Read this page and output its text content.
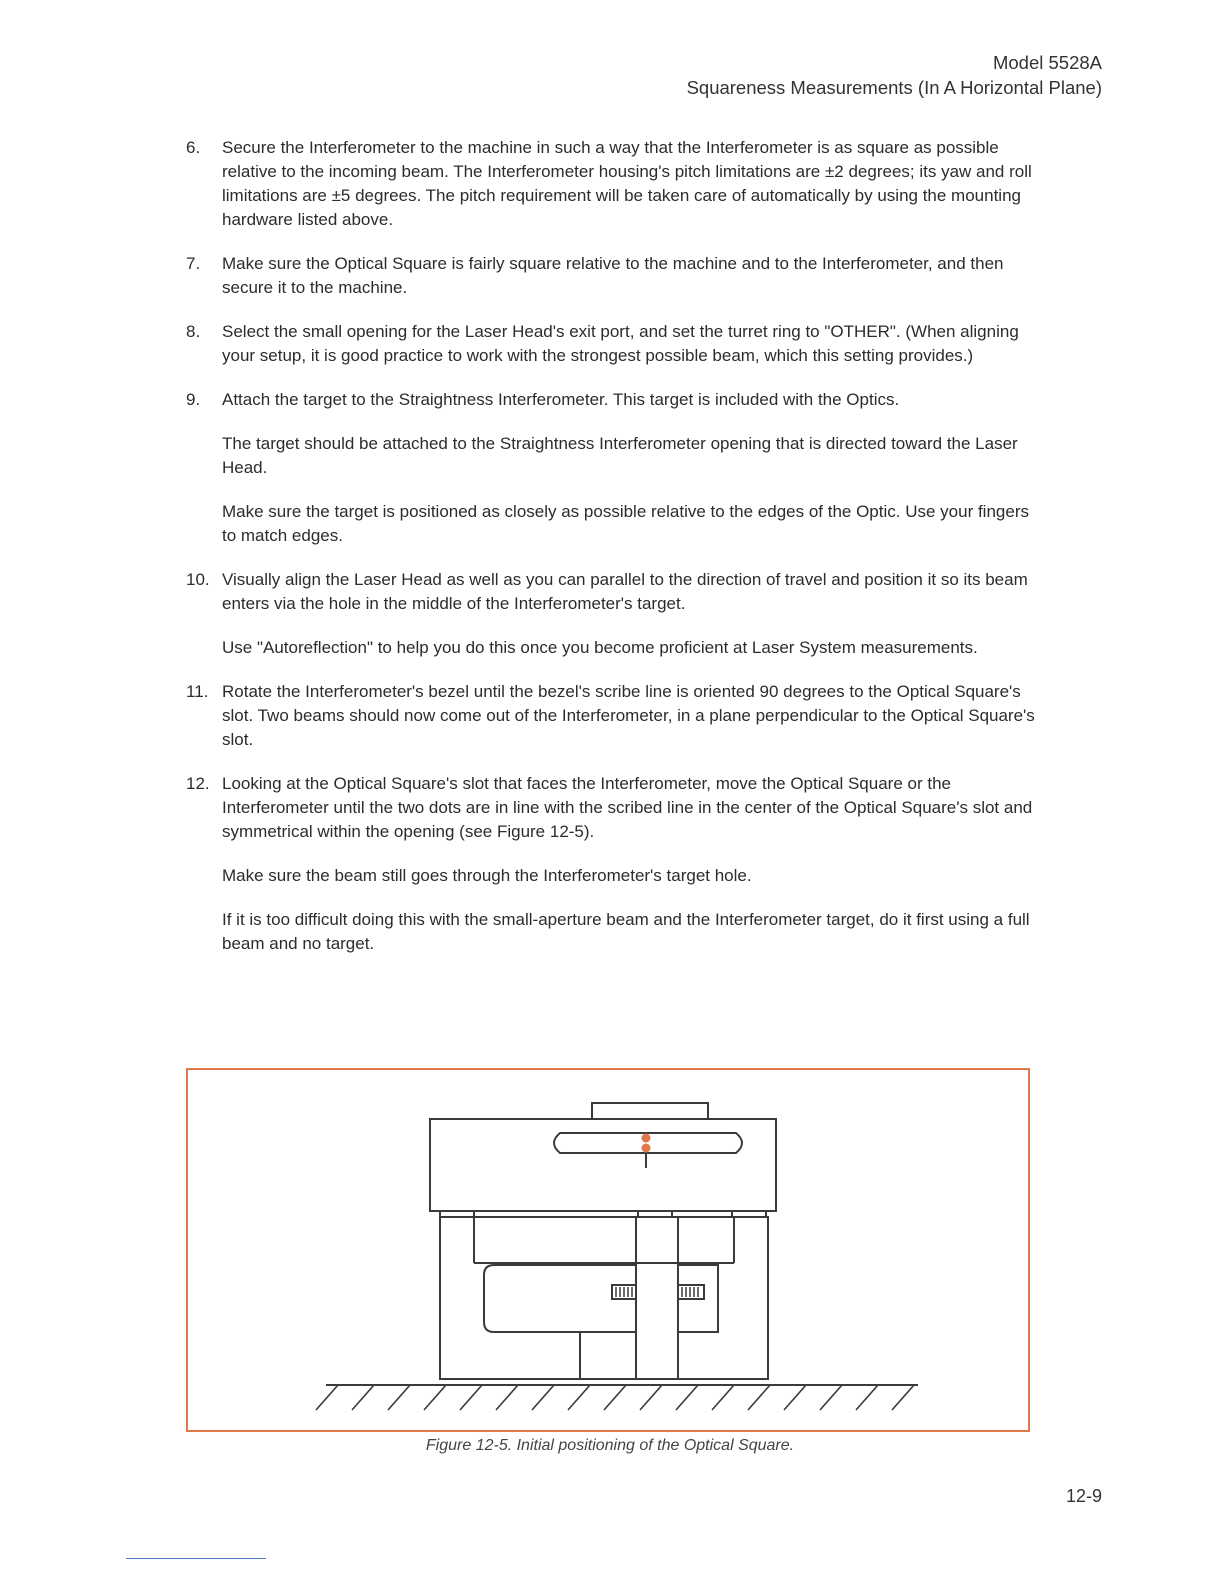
Model 5528A
Squareness Measurements (In A Horizontal Plane)
6.	Secure the Interferometer to the machine in such a way that the Interferometer is as square as possible relative to the incoming beam. The Interferometer housing's pitch limitations are ±2 degrees; its yaw and roll limitations are ±5 degrees. The pitch requirement will be taken care of automatically by using the mounting hardware listed above.

7.	Make sure the Optical Square is fairly square relative to the machine and to the Interferometer, and then secure it to the machine.

8.	Select the small opening for the Laser Head's exit port, and set the turret ring to "OTHER". (When aligning your setup, it is good practice to work with the strongest possible beam, which this setting provides.)

9.	Attach the target to the Straightness Interferometer. This target is included with the Optics.

The target should be attached to the Straightness Interferometer opening that is directed toward the Laser Head.

Make sure the target is positioned as closely as possible relative to the edges of the Optic. Use your fingers to match edges.

10. Visually align the Laser Head as well as you can parallel to the direction of travel and position it so its beam enters via the hole in the middle of the Interferometer's target.

Use "Autoreflection" to help you do this once you become proficient at Laser System measurements.

11. Rotate the Interferometer's bezel until the bezel's scribe line is oriented 90 degrees to the Optical Square's slot. Two beams should now come out of the Interferometer, in a plane perpendicular to the Optical Square's slot.

12. Looking at the Optical Square's slot that faces the Interferometer, move the Optical Square or the Interferometer until the two dots are in line with the scribed line in the center of the Optical Square's slot and symmetrical within the opening (see Figure 12-5).

Make sure the beam still goes through the Interferometer's target hole.

If it is too difficult doing this with the small-aperture beam and the Interferometer target, do it first using a full beam and no target.

Figure 12-5. Initial positioning of the Optical Square.
12-9
